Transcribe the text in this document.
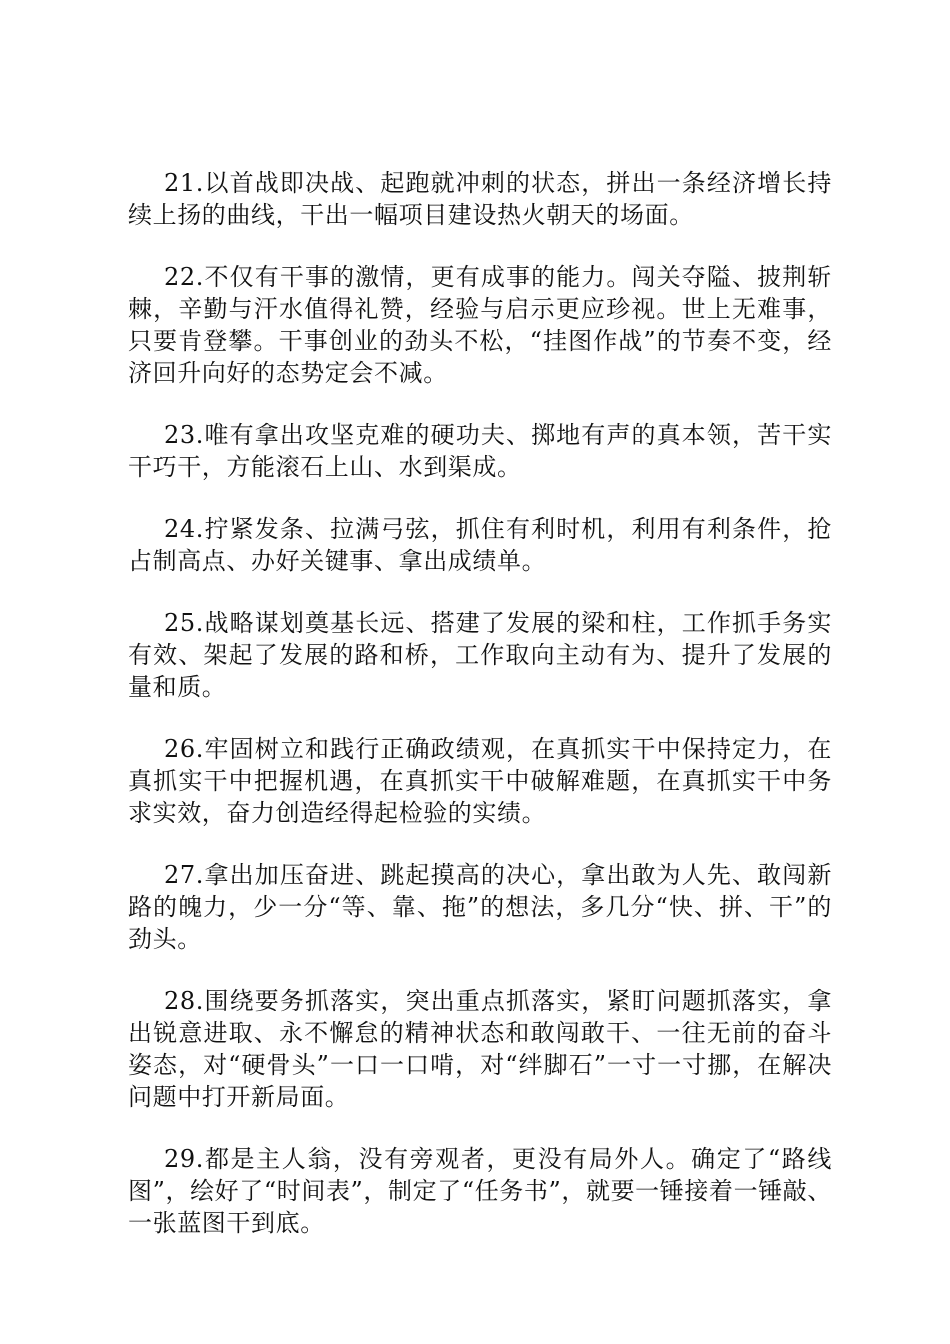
21.以首战即决战、起跑就冲刺的状态，拼出一条经济增长持续上扬的曲线，干出一幅项目建设热火朝天的场面。

22.不仅有干事的激情，更有成事的能力。闯关夺隘、披荆斩棘，辛勤与汗水值得礼赞，经验与启示更应珍视。世上无难事，只要肯登攀。干事创业的劲头不松，“挂图作战”的节奏不变，经济回升向好的态势定会不减。

23.唯有拿出攻坚克难的硬功夫、掷地有声的真本领，苦干实干巧干，方能滚石上山、水到渠成。

24.拧紧发条、拉满弓弦，抓住有利时机，利用有利条件，抢占制高点、办好关键事、拿出成绩单。

25.战略谋划奠基长远、搭建了发展的梁和柱，工作抓手务实有效、架起了发展的路和桥，工作取向主动有为、提升了发展的量和质。

26.牢固树立和践行正确政绩观，在真抓实干中保持定力，在真抓实干中把握机遇，在真抓实干中破解难题，在真抓实干中务求实效，奋力创造经得起检验的实绩。

27.拿出加压奋进、跳起摸高的决心，拿出敢为人先、敢闯新路的魄力，少一分“等、靠、拖”的想法，多几分“快、拼、干”的劲头。

28.围绕要务抓落实，突出重点抓落实，紧盯问题抓落实，拿出锐意进取、永不懈怠的精神状态和敢闯敢干、一往无前的奋斗姿态，对“硬骨头”一口一口啃，对“绊脚石”一寸一寸挪，在解决问题中打开新局面。

29.都是主人翁，没有旁观者，更没有局外人。确定了“路线图”，绘好了“时间表”，制定了“任务书”，就要一锤接着一锤敲、一张蓝图干到底。
